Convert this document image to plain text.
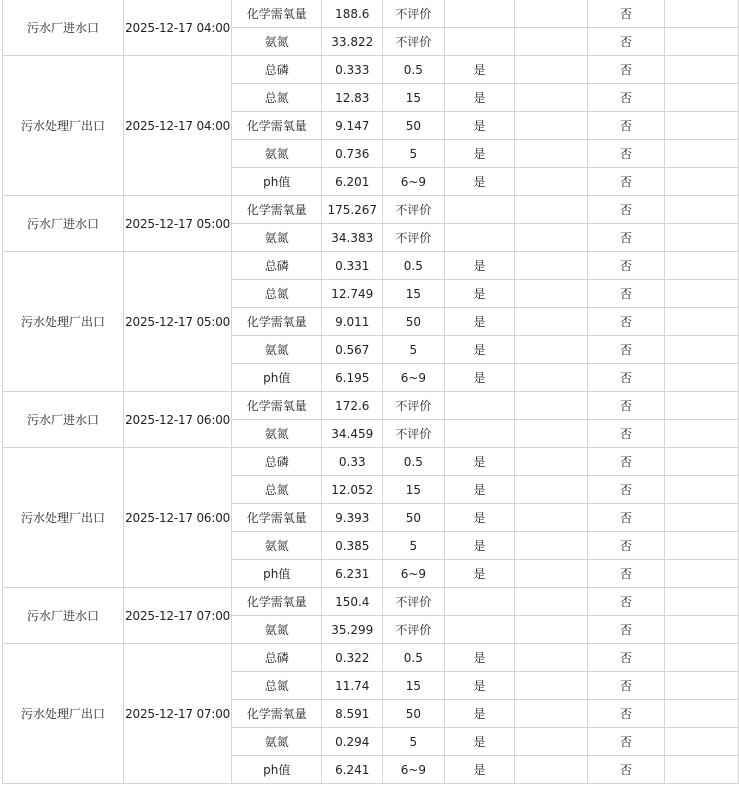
污水厂进水口	2025-12-17 04:00	化学需氧量	188.6	不评价			否	
		氨氮	33.822	不评价			否	
污水处理厂出口	2025-12-17 04:00	总磷	0.333	0.5	是		否	
		总氮	12.83	15	是		否	
		化学需氧量	9.147	50	是		否	
		氨氮	0.736	5	是		否	
		ph值	6.201	6~9	是		否	
污水厂进水口	2025-12-17 05:00	化学需氧量	175.267	不评价			否	
		氨氮	34.383	不评价			否	
污水处理厂出口	2025-12-17 05:00	总磷	0.331	0.5	是		否	
		总氮	12.749	15	是		否	
		化学需氧量	9.011	50	是		否	
		氨氮	0.567	5	是		否	
		ph值	6.195	6~9	是		否	
污水厂进水口	2025-12-17 06:00	化学需氧量	172.6	不评价			否	
		氨氮	34.459	不评价			否	
污水处理厂出口	2025-12-17 06:00	总磷	0.33	0.5	是		否	
		总氮	12.052	15	是		否	
		化学需氧量	9.393	50	是		否	
		氨氮	0.385	5	是		否	
		ph值	6.231	6~9	是		否	
污水厂进水口	2025-12-17 07:00	化学需氧量	150.4	不评价			否	
		氨氮	35.299	不评价			否	
污水处理厂出口	2025-12-17 07:00	总磷	0.322	0.5	是		否	
		总氮	11.74	15	是		否	
		化学需氧量	8.591	50	是		否	
		氨氮	0.294	5	是		否	
		ph值	6.241	6~9	是		否	
